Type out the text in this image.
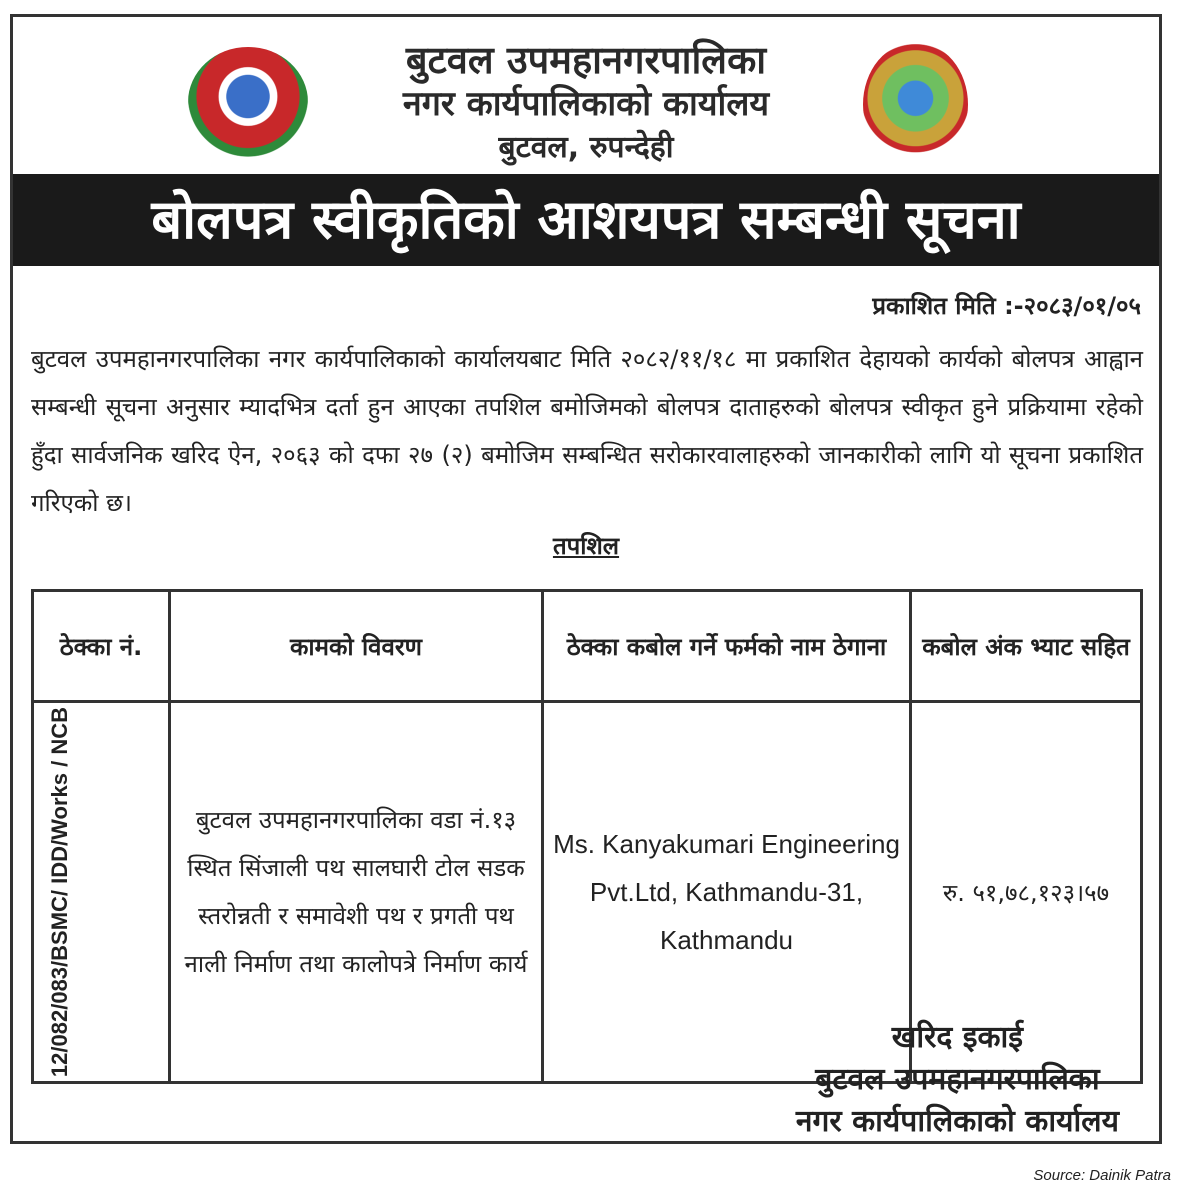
बुटवल उपमहानगरपालिका
नगर कार्यपालिकाको कार्यालय
बुटवल, रुपन्देही
बोलपत्र स्वीकृतिको आशयपत्र सम्बन्धी सूचना
प्रकाशित मिति :-२०८३/०१/०५
बुटवल उपमहानगरपालिका नगर कार्यपालिकाको कार्यालयबाट मिति २०८२/११/१८ मा प्रकाशित देहायको कार्यको बोलपत्र आह्वान सम्बन्धी सूचना अनुसार म्यादभित्र दर्ता हुन आएका तपशिल बमोजिमको बोलपत्र दाताहरुको बोलपत्र स्वीकृत हुने प्रक्रियामा रहेको हुँदा सार्वजनिक खरिद ऐन, २०६३ को दफा २७ (२) बमोजिम सम्बन्धित सरोकारवालाहरुको जानकारीको लागि यो सूचना प्रकाशित गरिएको छ।
तपशिल
ठेक्का नं.	कामको विवरण	ठेक्का कबोल गर्ने फर्मको नाम ठेगाना	कबोल अंक भ्याट सहित

12/082/083/BSMC/ IDD/Works / NCB	बुटवल उपमहानगरपालिका वडा नं.१३ स्थित सिंजाली पथ सालघारी टोल सडक स्तरोन्नती र समावेशी पथ र प्रगती पथ नाली निर्माण तथा कालोपत्रे निर्माण कार्य	Ms. Kanyakumari Engineering Pvt.Ltd, Kathmandu-31, Kathmandu	रु. ५१,७८,१२३।५७
खरिद इकाई
बुटवल उपमहानगरपालिका
नगर कार्यपालिकाको कार्यालय
Source: Dainik Patra
